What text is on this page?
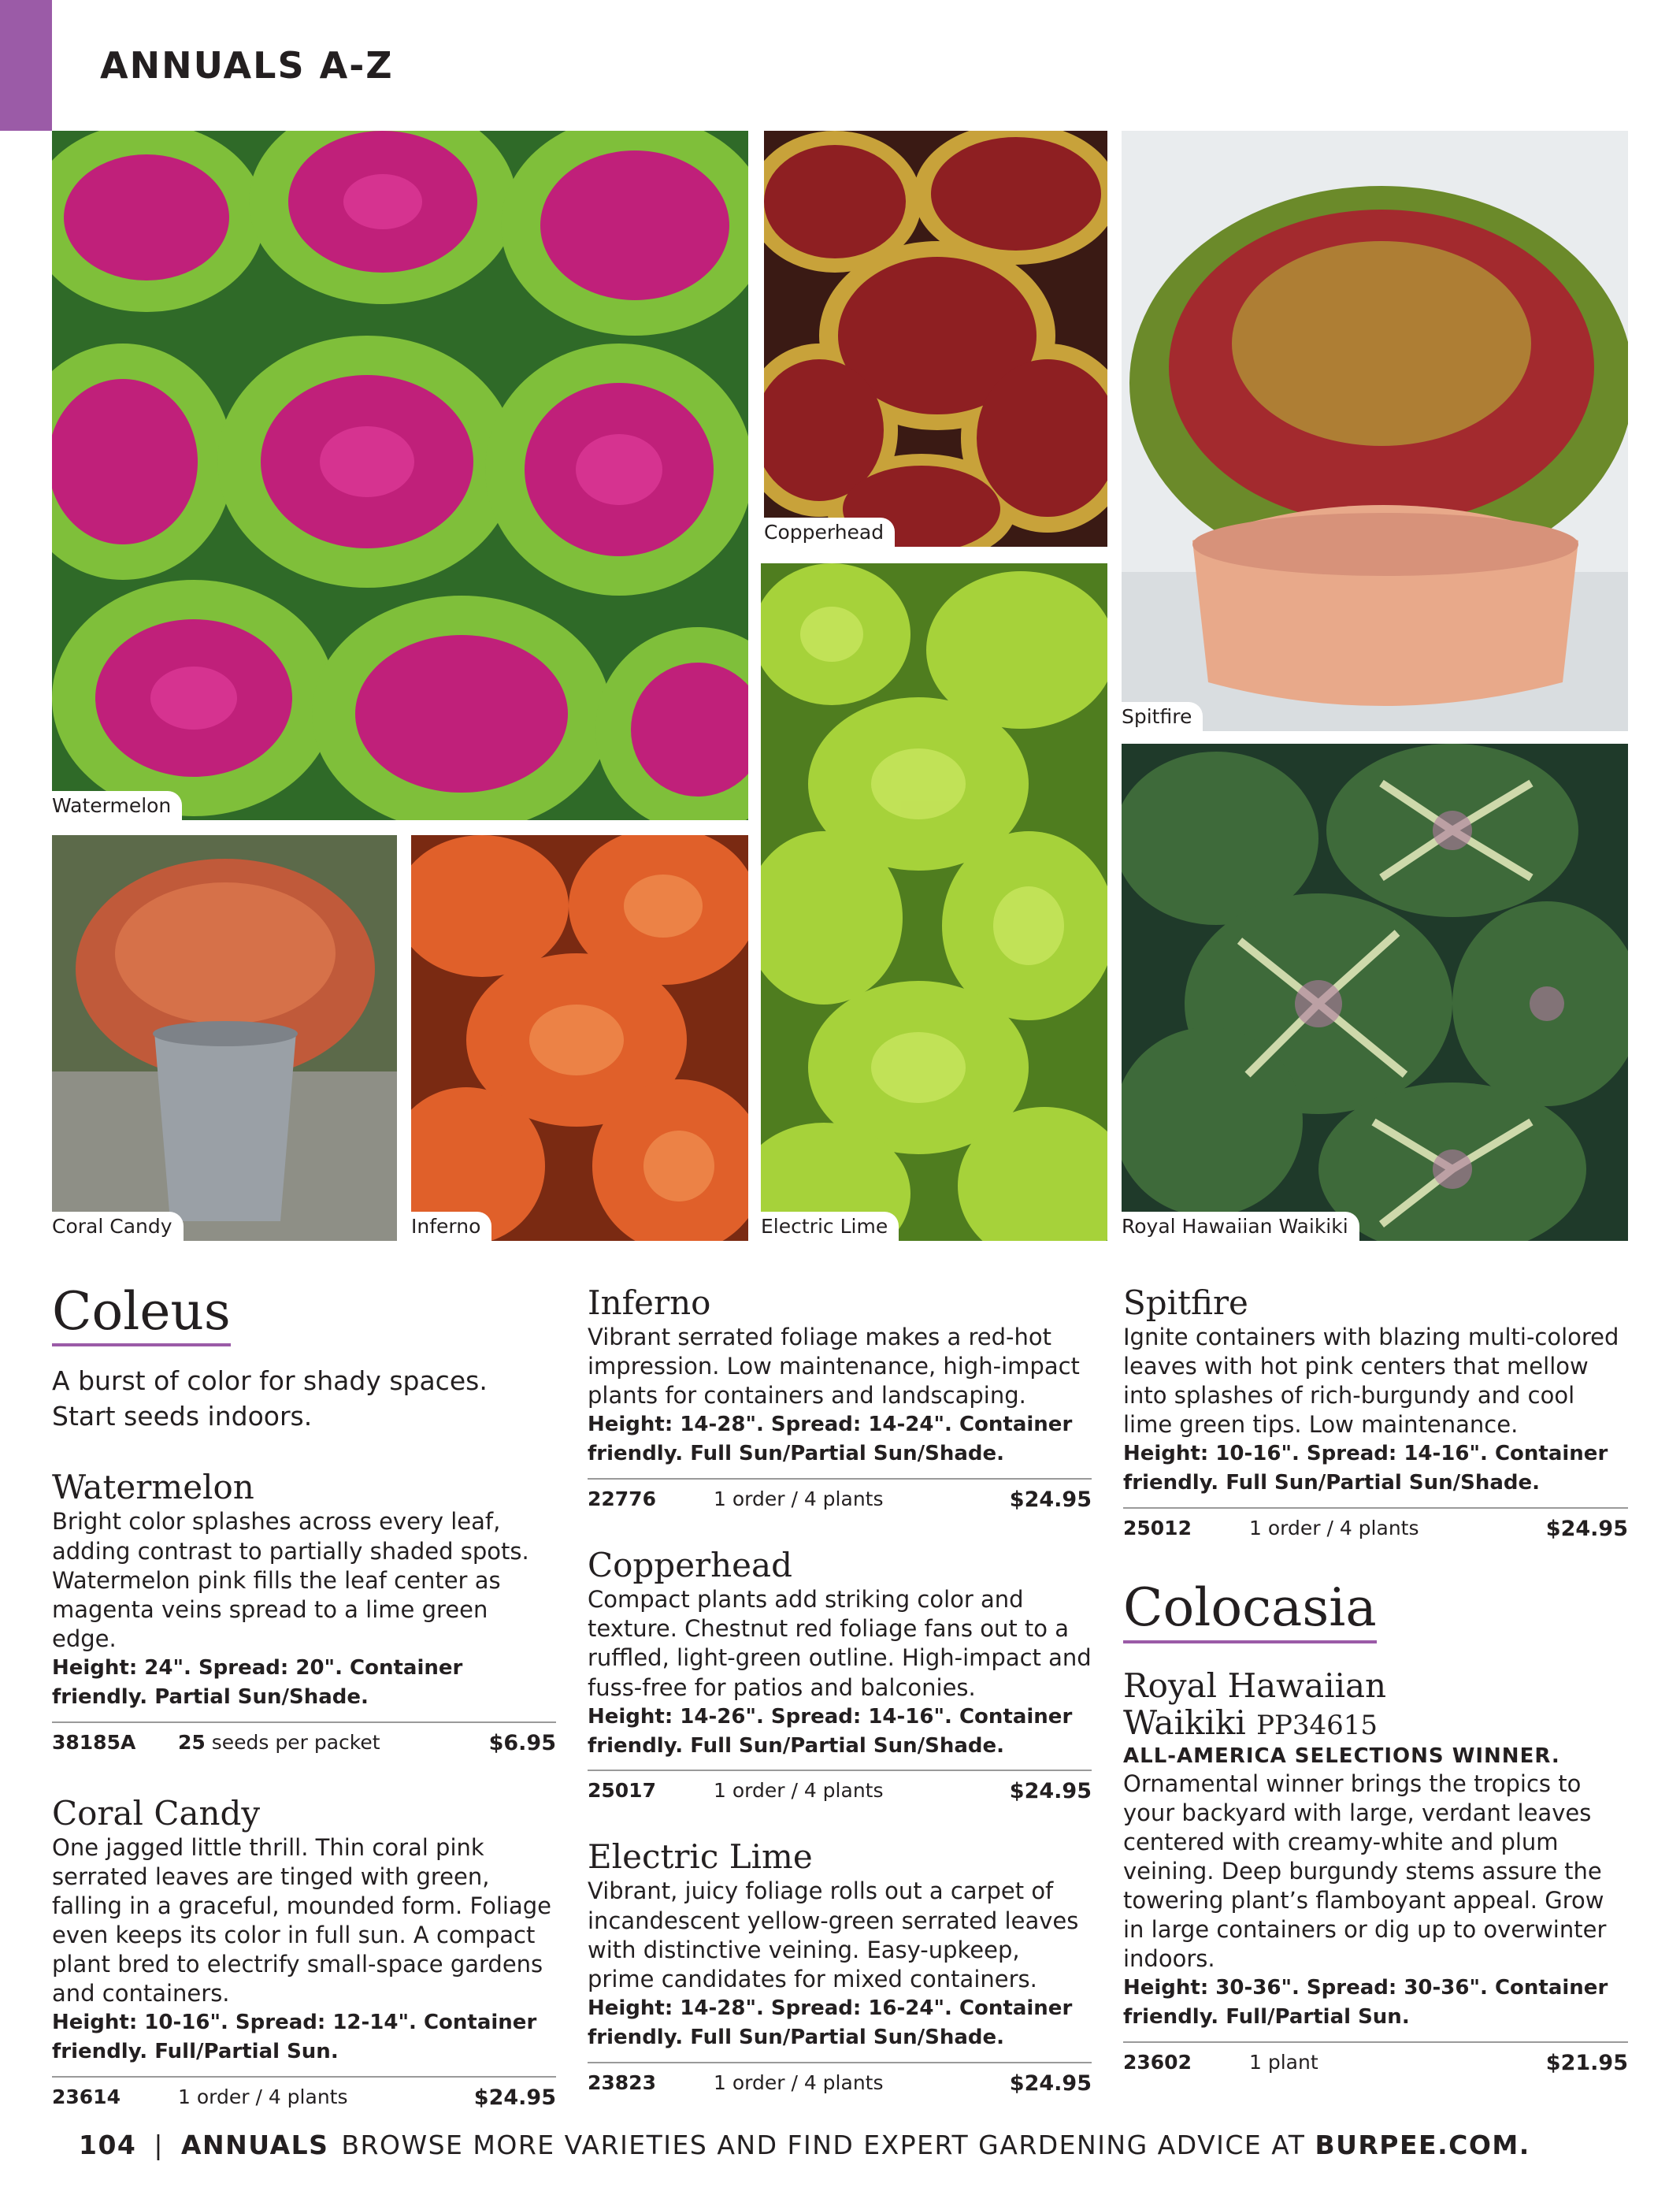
ANNUALS A-Z
Watermelon
Copperhead
Spitfire
Electric Lime	Royal Hawaiian Waikiki
Coral Candy	Inferno
Coleus

A burst of color for shady spaces. Start seeds indoors.

Watermelon

Bright color splashes across every leaf, adding contrast to partially shaded spots. Watermelon pink fills the leaf center as magenta veins spread to a lime green edge.

Height: 24". Spread: 20". Container friendly. Partial Sun/Shade.

38185A	25 seeds per packet	$6.95
Coral Candy

One jagged little thrill. Thin coral pink serrated leaves are tinged with green, falling in a graceful, mounded form. Foliage even keeps its color in full sun. A compact plant bred to electrify small-space gardens and containers.

Height: 10-16". Spread: 12-14". Container friendly. Full/Partial Sun.

23614	1 order / 4 plants	$24.95
Inferno

Vibrant serrated foliage makes a red-hot impression. Low maintenance, high-impact plants for containers and landscaping.

Height: 14-28". Spread: 14-24". Container friendly. Full Sun/Partial Sun/Shade.

22776	1 order / 4 plants	$24.95
Copperhead

Compact plants add striking color and texture. Chestnut red foliage fans out to a ruffled, light-green outline. High-impact and fuss-free for patios and balconies.

Height: 14-26". Spread: 14-16". Container friendly. Full Sun/Partial Sun/Shade.

25017	1 order / 4 plants	$24.95
Electric Lime

Vibrant, juicy foliage rolls out a carpet of incandescent yellow-green serrated leaves with distinctive veining. Easy-upkeep, prime candidates for mixed containers.

Height: 14-28". Spread: 16-24". Container friendly. Full Sun/Partial Sun/Shade.

23823	1 order / 4 plants	$24.95
Spitfire

Ignite containers with blazing multi-colored leaves with hot pink centers that mellow into splashes of rich-burgundy and cool lime green tips. Low maintenance.

Height: 10-16". Spread: 14-16". Container friendly. Full Sun/Partial Sun/Shade.

25012	1 order / 4 plants	$24.95
Colocasia
Royal Hawaiian
Waikiki PP34615

ALL-AMERICA SELECTIONS WINNER.

Ornamental winner brings the tropics to your backyard with large, verdant leaves centered with creamy-white and plum veining. Deep burgundy stems assure the towering plant’s flamboyant appeal. Grow in large containers or dig up to overwinter indoors.

Height: 30-36". Spread: 30-36". Container friendly. Full/Partial Sun.

23602	1 plant	$21.95

104 | ANNUALS BROWSE MORE VARIETIES AND FIND EXPERT GARDENING ADVICE AT BURPEE.COM.
